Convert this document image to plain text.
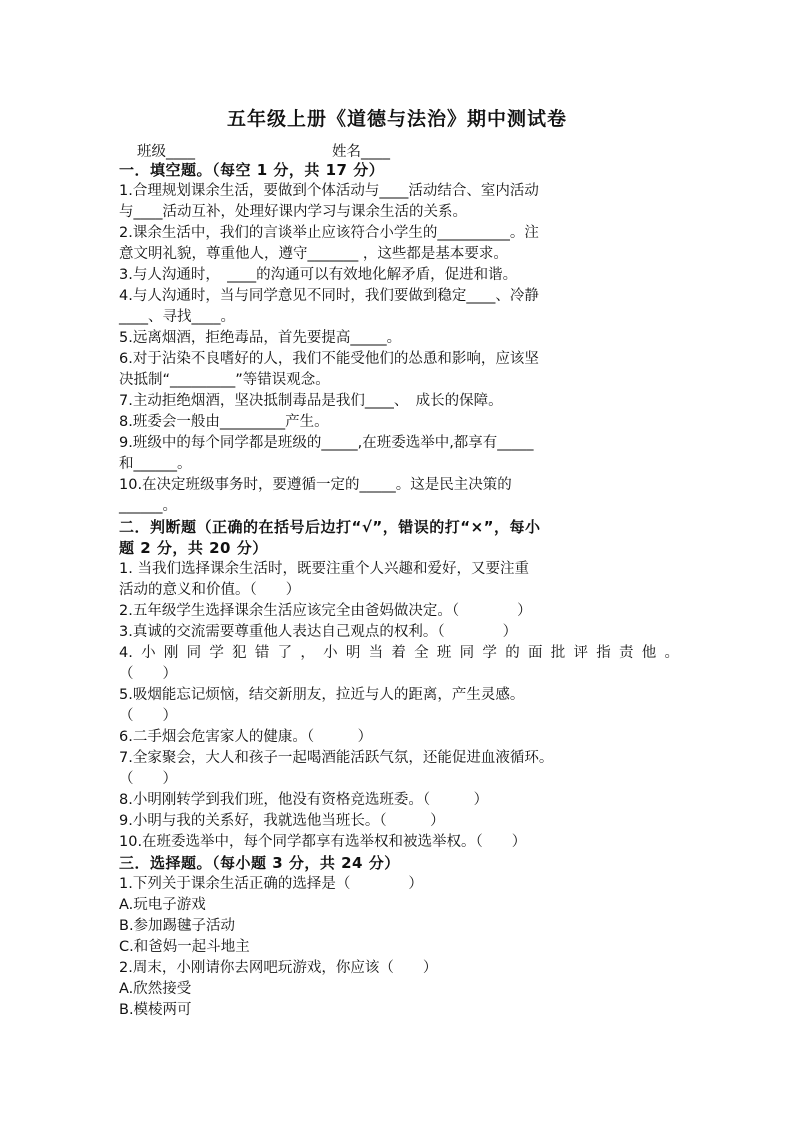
五年级上册《道德与法治》期中测试卷
班级____	姓名____
一．填空题。（每空 1 分，共 17 分）
1.合理规划课余生活，要做到个体活动与____活动结合、室内活动
与____活动互补，处理好课内学习与课余生活的关系。
2.课余生活中，我们的言谈举止应该符合小学生的__________。注
意文明礼貌，尊重他人，遵守_______ ，这些都是基本要求。
3.与人沟通时，　____的沟通可以有效地化解矛盾，促进和谐。
4.与人沟通时，当与同学意见不同时，我们要做到稳定____、冷静
____、寻找____。
5.远离烟酒，拒绝毒品，首先要提高_____。
6.对于沾染不良嗜好的人，我们不能受他们的怂恿和影响，应该坚
决抵制“_________”等错误观念。
7.主动拒绝烟酒，坚决抵制毒品是我们____、　成长的保障。
8.班委会一般由_________产生。
9.班级中的每个同学都是班级的_____,在班委选举中,都享有_____
和______。
10.在决定班级事务时，要遵循一定的_____。这是民主决策的
______。
二．判断题（正确的在括号后边打“√”，错误的打“×”，每小
题 2 分，共 20 分）
1. 当我们选择课余生活时，既要注重个人兴趣和爱好，又要注重
活动的意义和价值。（　　）
2.五年级学生选择课余生活应该完全由爸妈做决定。（　　　　）
3.真诚的交流需要尊重他人表达自己观点的权利。（　　　　）
4.小刚同学犯错了，小明当着全班同学的面批评指责他。
（　　）
5.吸烟能忘记烦恼，结交新朋友，拉近与人的距离，产生灵感。
（　　）
6.二手烟会危害家人的健康。（　　　）
7.全家聚会，大人和孩子一起喝酒能活跃气氛，还能促进血液循环。
（　　）
8.小明刚转学到我们班，他没有资格竞选班委。（　　　）
9.小明与我的关系好，我就选他当班长。（　　　）
10.在班委选举中，每个同学都享有选举权和被选举权。（　　）
三．选择题。（每小题 3 分，共 24 分）
1.下列关于课余生活正确的选择是（　　　　）
A.玩电子游戏
B.参加踢毽子活动
C.和爸妈一起斗地主
2.周末，小刚请你去网吧玩游戏，你应该（　　）
A.欣然接受
B.模棱两可
